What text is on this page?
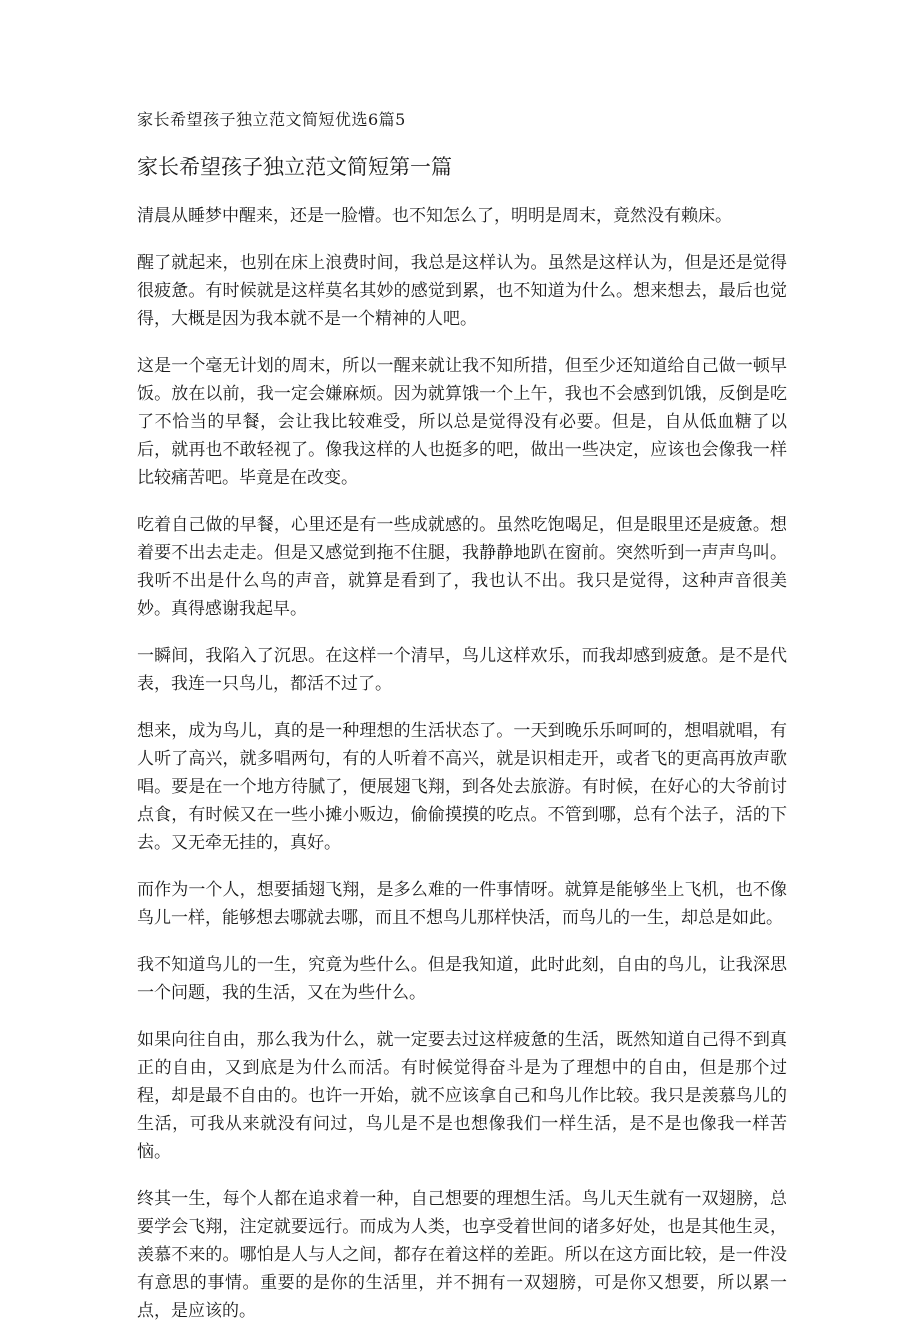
家长希望孩子独立范文简短优选6篇5
家长希望孩子独立范文简短第一篇

清晨从睡梦中醒来，还是一脸懵。也不知怎么了，明明是周末，竟然没有赖床。

醒了就起来，也别在床上浪费时间，我总是这样认为。虽然是这样认为，但是还是觉得很疲惫。有时候就是这样莫名其妙的感觉到累，也不知道为什么。想来想去，最后也觉得，大概是因为我本就不是一个精神的人吧。

这是一个毫无计划的周末，所以一醒来就让我不知所措，但至少还知道给自己做一顿早饭。放在以前，我一定会嫌麻烦。因为就算饿一个上午，我也不会感到饥饿，反倒是吃了不恰当的早餐，会让我比较难受，所以总是觉得没有必要。但是，自从低血糖了以后，就再也不敢轻视了。像我这样的人也挺多的吧，做出一些决定，应该也会像我一样比较痛苦吧。毕竟是在改变。

吃着自己做的早餐，心里还是有一些成就感的。虽然吃饱喝足，但是眼里还是疲惫。想着要不出去走走。但是又感觉到拖不住腿，我静静地趴在窗前。突然听到一声声鸟叫。我听不出是什么鸟的声音，就算是看到了，我也认不出。我只是觉得，这种声音很美妙。真得感谢我起早。

一瞬间，我陷入了沉思。在这样一个清早，鸟儿这样欢乐，而我却感到疲惫。是不是代表，我连一只鸟儿，都活不过了。

想来，成为鸟儿，真的是一种理想的生活状态了。一天到晚乐乐呵呵的，想唱就唱，有人听了高兴，就多唱两句，有的人听着不高兴，就是识相走开，或者飞的更高再放声歌唱。要是在一个地方待腻了，便展翅飞翔，到各处去旅游。有时候，在好心的大爷前讨点食，有时候又在一些小摊小贩边，偷偷摸摸的吃点。不管到哪，总有个法子，活的下去。又无牵无挂的，真好。

而作为一个人，想要插翅飞翔，是多么难的一件事情呀。就算是能够坐上飞机，也不像鸟儿一样，能够想去哪就去哪，而且不想鸟儿那样快活，而鸟儿的一生，却总是如此。

我不知道鸟儿的一生，究竟为些什么。但是我知道，此时此刻，自由的鸟儿，让我深思一个问题，我的生活，又在为些什么。

如果向往自由，那么我为什么，就一定要去过这样疲惫的生活，既然知道自己得不到真正的自由，又到底是为什么而活。有时候觉得奋斗是为了理想中的自由，但是那个过程，却是最不自由的。也许一开始，就不应该拿自己和鸟儿作比较。我只是羡慕鸟儿的生活，可我从来就没有问过，鸟儿是不是也想像我们一样生活，是不是也像我一样苦恼。

终其一生，每个人都在追求着一种，自己想要的理想生活。鸟儿天生就有一双翅膀，总要学会飞翔，注定就要远行。而成为人类，也享受着世间的诸多好处，也是其他生灵，羡慕不来的。哪怕是人与人之间，都存在着这样的差距。所以在这方面比较，是一件没有意思的事情。重要的是你的生活里，并不拥有一双翅膀，可是你又想要，所以累一点，是应该的。
